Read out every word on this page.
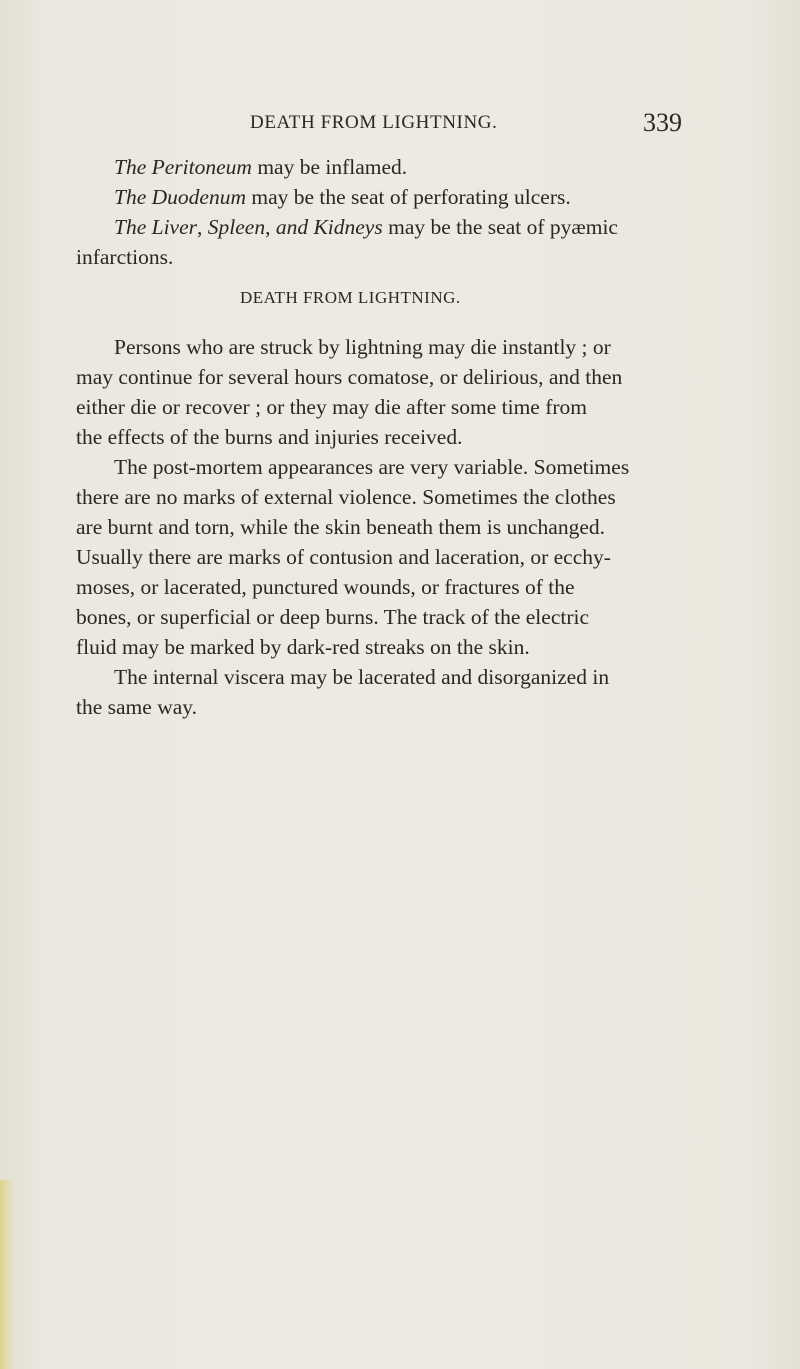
DEATH FROM LIGHTNING.	339
The Peritoneum may be inflamed.
The Duodenum may be the seat of perforating ulcers.
The Liver, Spleen, and Kidneys may be the seat of pyæmic
infarctions.
DEATH FROM LIGHTNING.
Persons who are struck by lightning may die instantly ; or
may continue for several hours comatose, or delirious, and then
either die or recover ; or they may die after some time from
the effects of the burns and injuries received.
The post-mortem appearances are very variable. Sometimes
there are no marks of external violence. Sometimes the clothes
are burnt and torn, while the skin beneath them is unchanged.
Usually there are marks of contusion and laceration, or ecchy-
moses, or lacerated, punctured wounds, or fractures of the
bones, or superficial or deep burns. The track of the electric
fluid may be marked by dark-red streaks on the skin.
The internal viscera may be lacerated and disorganized in
the same way.
